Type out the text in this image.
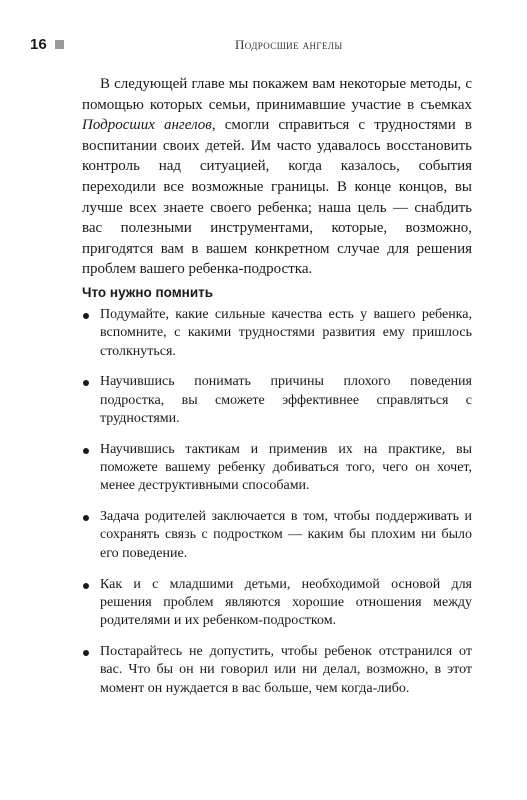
16	Подросшие ангелы

В следующей главе мы покажем вам некоторые методы, с помощью которых семьи, принимавшие участие в съемках Подросших ангелов, смогли справиться с трудностями в воспитании своих детей. Им часто удавалось восстановить контроль над ситуацией, когда казалось, события переходили все возможные границы. В конце концов, вы лучше всех знаете своего ребенка; наша цель — снабдить вас полезными инструментами, которые, возможно, пригодятся вам в вашем конкретном случае для решения проблем вашего ребенка-подростка.

Что нужно помнить
Подумайте, какие сильные качества есть у вашего ребенка, вспомните, с какими трудностями развития ему пришлось столкнуться.
Научившись понимать причины плохого поведения подростка, вы сможете эффективнее справляться с трудностями.
Научившись тактикам и применив их на практике, вы поможете вашему ребенку добиваться того, чего он хочет, менее деструктивными способами.
Задача родителей заключается в том, чтобы поддерживать и сохранять связь с подростком — каким бы плохим ни было его поведение.
Как и с младшими детьми, необходимой основой для решения проблем являются хорошие отношения между родителями и их ребенком-подростком.
Постарайтесь не допустить, чтобы ребенок отстранился от вас. Что бы он ни говорил или ни делал, возможно, в этот момент он нуждается в вас больше, чем когда-либо.
